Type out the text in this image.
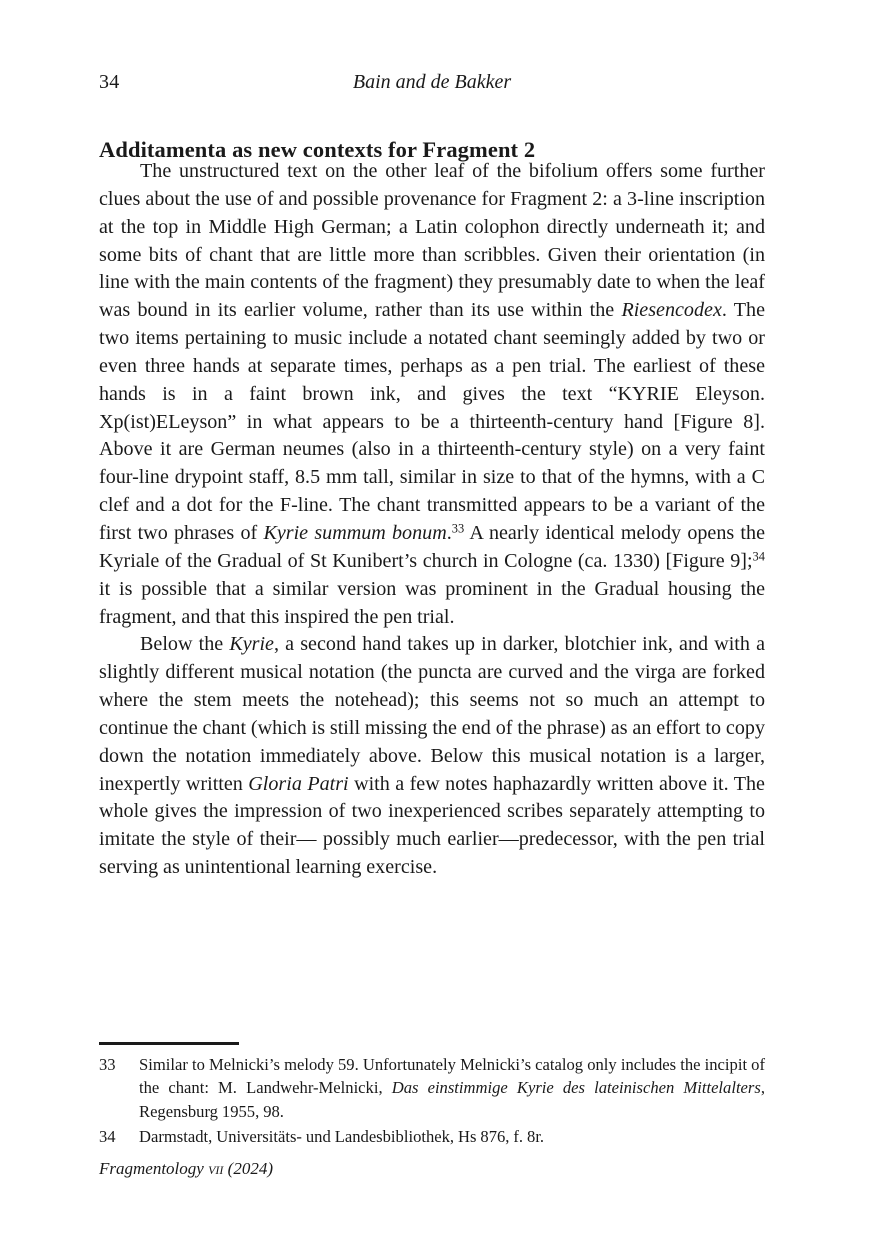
34	Bain and de Bakker
Additamenta as new contexts for Fragment 2

The unstructured text on the other leaf of the bifolium offers some further clues about the use of and possible provenance for Fragment 2: a 3-line inscription at the top in Middle High German; a Latin colophon directly underneath it; and some bits of chant that are little more than scribbles. Given their orientation (in line with the main contents of the fragment) they presumably date to when the leaf was bound in its earlier volume, rather than its use within the Riesencodex. The two items pertaining to music include a notated chant seemingly added by two or even three hands at separate times, perhaps as a pen trial. The earliest of these hands is in a faint brown ink, and gives the text “KYRIE Eleyson. Xp(ist)ELeyson” in what appears to be a thirteenth-century hand [Figure 8]. Above it are German neumes (also in a thirteenth-century style) on a very faint four-line drypoint staff, 8.5 mm tall, similar in size to that of the hymns, with a C clef and a dot for the F-line. The chant transmitted appears to be a variant of the first two phrases of Kyrie summum bonum.$^{33}$ A nearly identical melody opens the Kyriale of the Gradual of St Kunibert’s church in Cologne (ca. 1330) [Figure 9];$^{34}$ it is possible that a similar version was prominent in the Gradual housing the fragment, and that this inspired the pen trial.

Below the Kyrie, a second hand takes up in darker, blotchier ink, and with a slightly different musical notation (the puncta are curved and the virga are forked where the stem meets the notehead); this seems not so much an attempt to continue the chant (which is still missing the end of the phrase) as an effort to copy down the notation immediately above. Below this musical notation is a larger, inexpertly written Gloria Patri with a few notes haphazardly written above it. The whole gives the impression of two inexperienced scribes separately attempting to imitate the style of their— possibly much earlier—predecessor, with the pen trial serving as unintentional learning exercise.

33	Similar to Melnicki’s melody 59. Unfortunately Melnicki’s catalog only includes the incipit of the chant: M. Landwehr-Melnicki, Das einstimmige Kyrie des lateinischen Mittelalters, Regensburg 1955, 98.
34	Darmstadt, Universitäts- und Landesbibliothek, Hs 876, f. 8r.
Fragmentology vii (2024)
